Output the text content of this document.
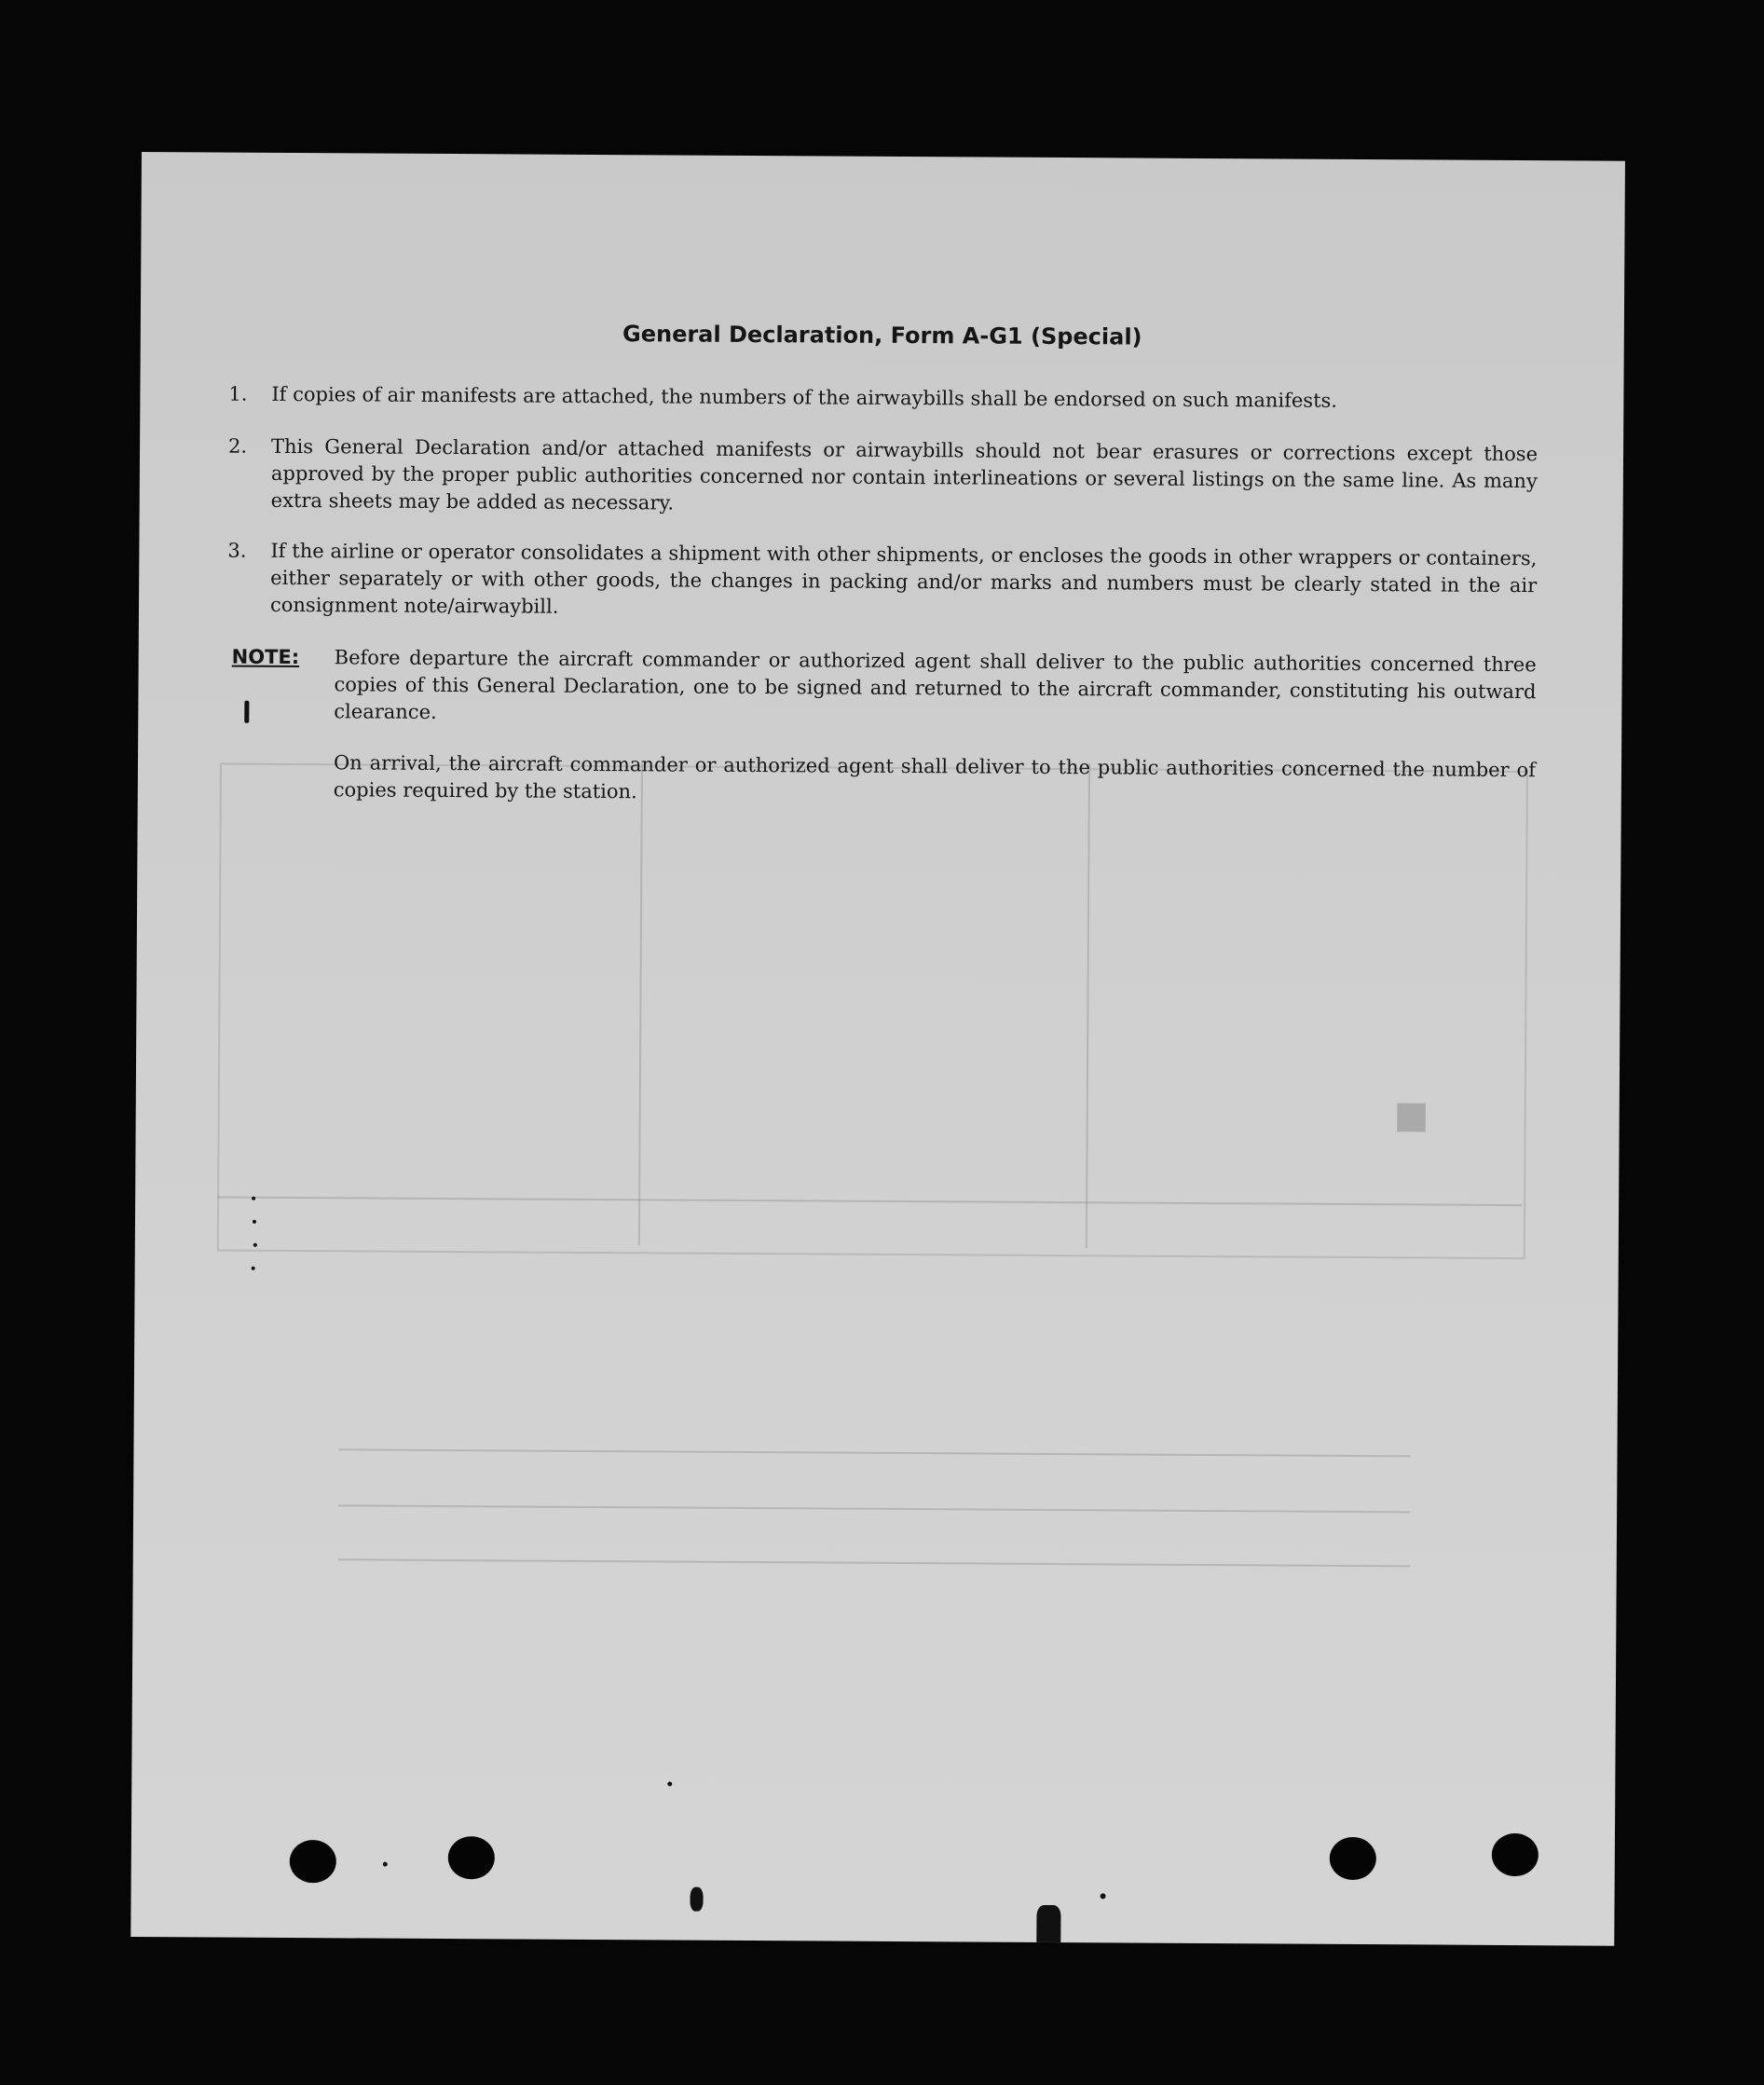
■
General Declaration, Form A-G1 (Special)
1.	If copies of air manifests are attached, the numbers of the airwaybills shall be endorsed on such manifests.
2.	This General Declaration and/or attached manifests or airwaybills should not bear erasures or corrections except those approved by the proper public authorities concerned nor contain interlineations or several listings on the same line. As many extra sheets may be added as necessary.
3.	If the airline or operator consolidates a shipment with other shipments, or encloses the goods in other wrappers or containers, either separately or with other goods, the changes in packing and/or marks and numbers must be clearly stated in the air consignment note/airwaybill.
NOTE: Before departure the aircraft commander or authorized agent shall deliver to the public authorities concerned three copies of this General Declaration, one to be signed and returned to the aircraft commander, constituting his outward clearance.
On arrival, the aircraft commander or authorized agent shall deliver to the public authorities concerned the number of copies required by the station.
